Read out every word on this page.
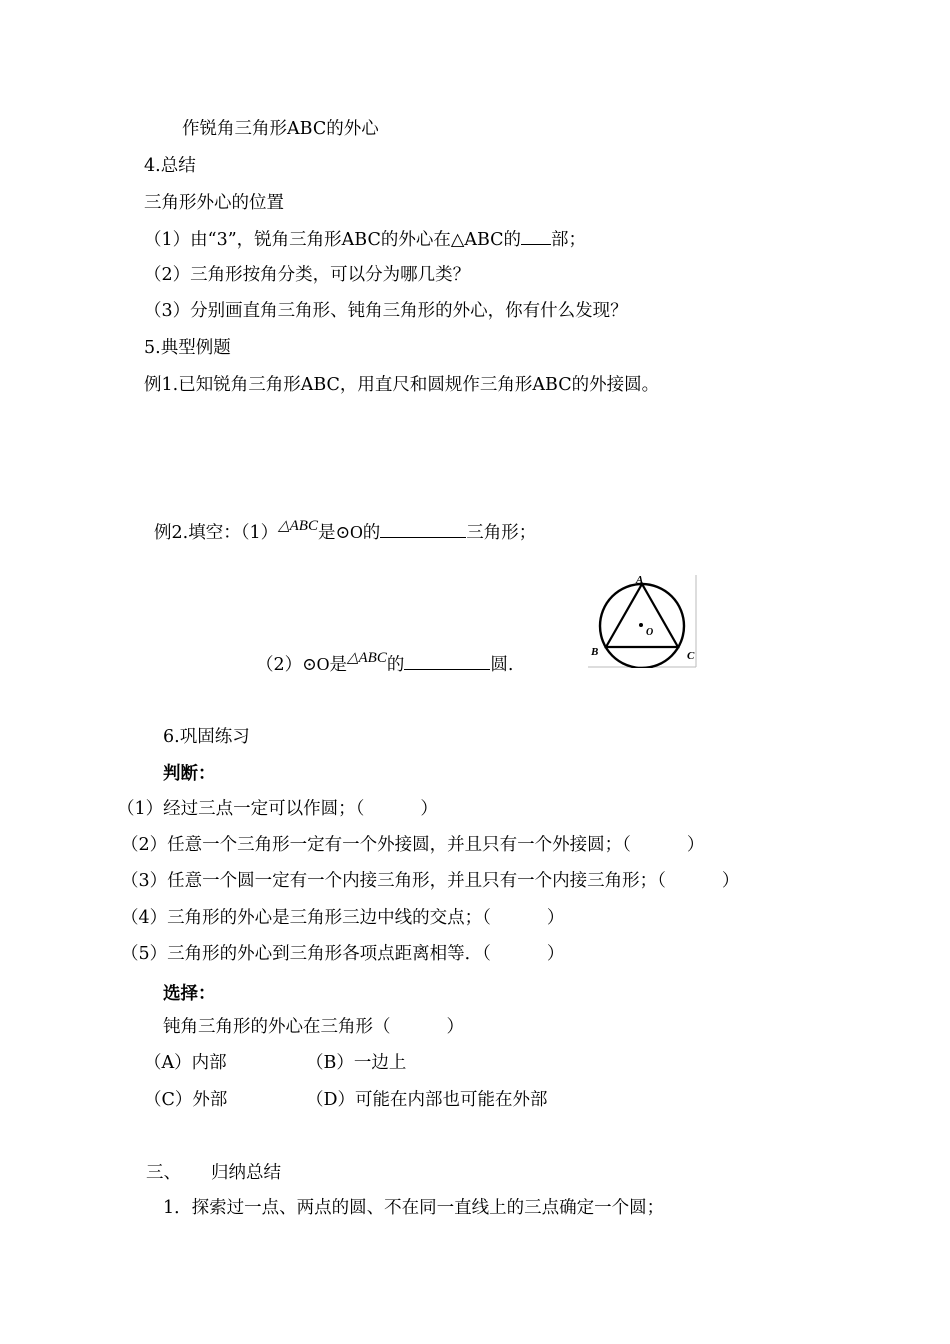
作锐角三角形ABC的外心
4.总结
三角形外心的位置
（1）由“3”，锐角三角形ABC的外心在△ABC的 部；
（2）三角形按角分类，可以分为哪几类？
（3）分别画直角三角形、钝角三角形的外心，你有什么发现？
5.典型例题
例1.已知锐角三角形ABC，用直尺和圆规作三角形ABC的外接圆。
例2.填空：（1）△ABC是⊙O的	三角形；
（2）⊙O是△ABC的	圆.
A
B	C
O
6.巩固练习
判断：
（1）经过三点一定可以作圆；（	）
（2）任意一个三角形一定有一个外接圆，并且只有一个外接圆；（	）
（3）任意一个圆一定有一个内接三角形，并且只有一个内接三角形；（	）
（4）三角形的外心是三角形三边中线的交点；（	）
（5）三角形的外心到三角形各项点距离相等．（	）
选择：
钝角三角形的外心在三角形（	）
（A）内部	（B）一边上
（C）外部	（D）可能在内部也可能在外部
三、 归纳总结
1．探索过一点、两点的圆、不在同一直线上的三点确定一个圆；
